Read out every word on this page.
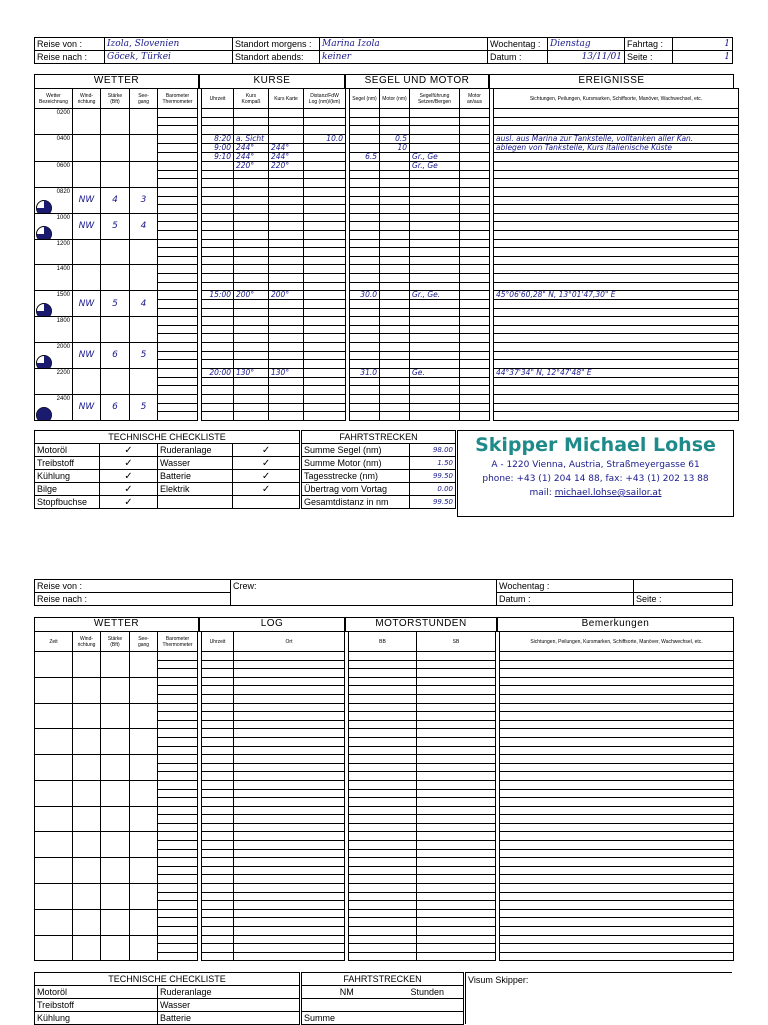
Reise von :	Izola, Slovenien	Standort morgens :	Marina Izola	Wochentag :	Dienstag	Fahrtag :	1
Reise nach :	Göcek, Türkei	Standort abends:	keiner	Datum :	13/11/01	Seite :	1
WETTER	KURSE	SEGEL UND MOTOR	EREIGNISSE
Wetter Bezeichnung	Wind- richtung	Stärke (Bft)	See- gang	Barometer Thermometer		Uhrzeit	Kurs Kompaß	Kurs Karte	Distanz/FdW Log (nm)/(km)		Segel (nm)	Motor (nm)	Segelführung Setzen/Bergen	Motor an/aus		Sichtungen, Peilungen, Kursmarken, Schiffsorte, Manöver, Wachwechsel, etc.

0200																

0400						8:20	a. Sicht		10.0			0.5				ausl. aus Marina zur Tankstelle, volltanken aller Kan.
						9:00	244°	244°				10				ablegen von Tankstelle, Kurs italienische Küste
						9:10	244°	244°			6.5		Gr., Ge			

0600							220°	220°					Gr., Ge			

0820	NW	4	3													

1000	NW	5	4													

1200																

1400																

1500	NW	5	4			15:00	200°	200°			30.0		Gr., Ge.			45°06'60,28" N, 13°01'47,30" E

1800																

2000	NW	6	5													

2200						20:00	130°	130°			31.0		Ge.			44°37'34" N, 12°47'48" E

2400	NW	6	5													

TECHNISCHE CHECKLISTE			
Motoröl	✓	Ruderanlage	✓
Treibstoff	✓	Wasser	✓
Kühlung	✓	Batterie	✓
Bilge	✓	Elektrik	✓
Stopfbuchse	✓		
FAHRTSTRECKEN	
Summe Segel (nm)	98.00
Summe Motor (nm)	1.50
Tagesstrecke (nm)	99.50
Übertrag vom Vortag	0.00
Gesamtdistanz in nm	99.50
Skipper Michael Lohse
A - 1220 Vienna, Austria, Straßmeyergasse 61
phone: +43 (1) 204 14 88, fax: +43 (1) 202 13 88
mail: michael.lohse@sailor.at
Reise von :	Crew:	Wochentag :	
Reise nach :		Datum :	Seite :
WETTER	LOG	MOTORSTUNDEN	Bemerkungen
Zeit	Wind- richtung	Stärke (Bft)	See- gang	Barometer Thermometer		Uhrzeit	Ort		BB	SB		Sichtungen, Peilungen, Kursmarken, Schiffsorte, Manöver, Wachwechsel, etc.

TECHNISCHE CHECKLISTE	
Motoröl	Ruderanlage
Treibstoff	Wasser
Kühlung	Batterie
FAHRTSTRECKEN
NM	Stunden

Summe
Visum Skipper:
